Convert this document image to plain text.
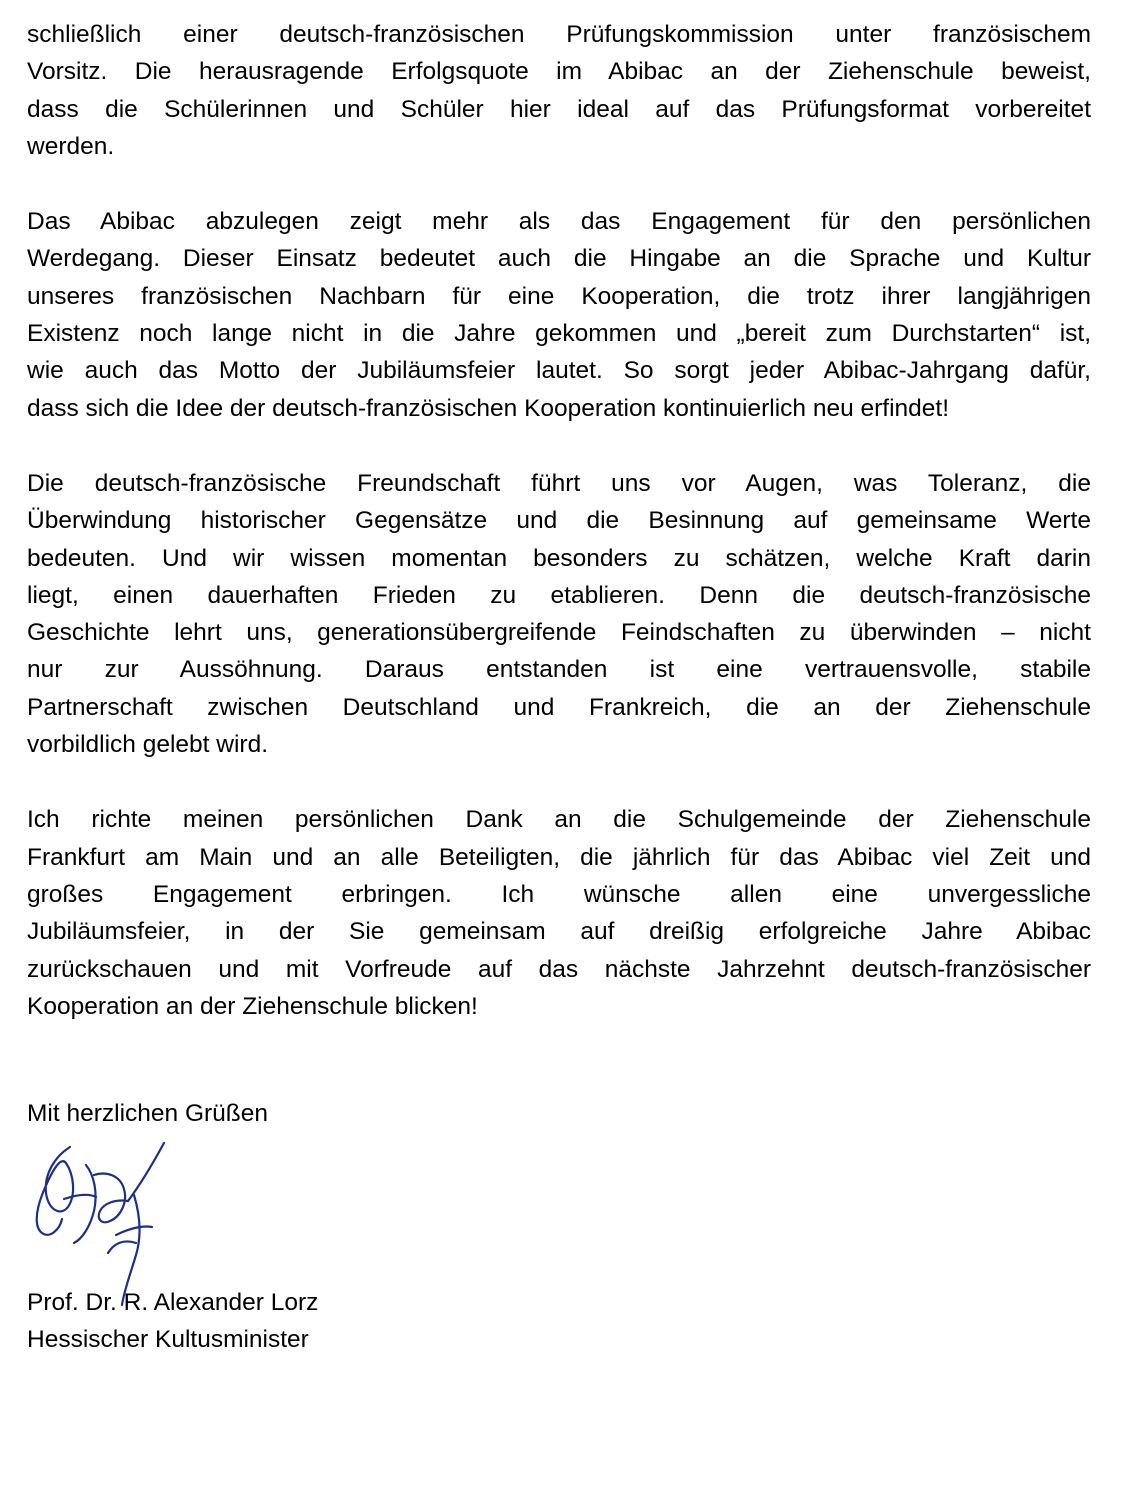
schließlich einer deutsch-französischen Prüfungskommission unter französischem
Vorsitz. Die herausragende Erfolgsquote im Abibac an der Ziehenschule beweist,
dass die Schülerinnen und Schüler hier ideal auf das Prüfungsformat vorbereitet
werden.

Das Abibac abzulegen zeigt mehr als das Engagement für den persönlichen
Werdegang. Dieser Einsatz bedeutet auch die Hingabe an die Sprache und Kultur
unseres französischen Nachbarn für eine Kooperation, die trotz ihrer langjährigen
Existenz noch lange nicht in die Jahre gekommen und „bereit zum Durchstarten“ ist,
wie auch das Motto der Jubiläumsfeier lautet. So sorgt jeder Abibac-Jahrgang dafür,
dass sich die Idee der deutsch-französischen Kooperation kontinuierlich neu erfindet!

Die deutsch-französische Freundschaft führt uns vor Augen, was Toleranz, die
Überwindung historischer Gegensätze und die Besinnung auf gemeinsame Werte
bedeuten. Und wir wissen momentan besonders zu schätzen, welche Kraft darin
liegt, einen dauerhaften Frieden zu etablieren. Denn die deutsch-französische
Geschichte lehrt uns, generationsübergreifende Feindschaften zu überwinden – nicht
nur zur Aussöhnung. Daraus entstanden ist eine vertrauensvolle, stabile
Partnerschaft zwischen Deutschland und Frankreich, die an der Ziehenschule
vorbildlich gelebt wird.

Ich richte meinen persönlichen Dank an die Schulgemeinde der Ziehenschule
Frankfurt am Main und an alle Beteiligten, die jährlich für das Abibac viel Zeit und
großes Engagement erbringen. Ich wünsche allen eine unvergessliche
Jubiläumsfeier, in der Sie gemeinsam auf dreißig erfolgreiche Jahre Abibac
zurückschauen und mit Vorfreude auf das nächste Jahrzehnt deutsch-französischer
Kooperation an der Ziehenschule blicken!

Mit herzlichen Grüßen

Prof. Dr. R. Alexander Lorz
Hessischer Kultusminister
